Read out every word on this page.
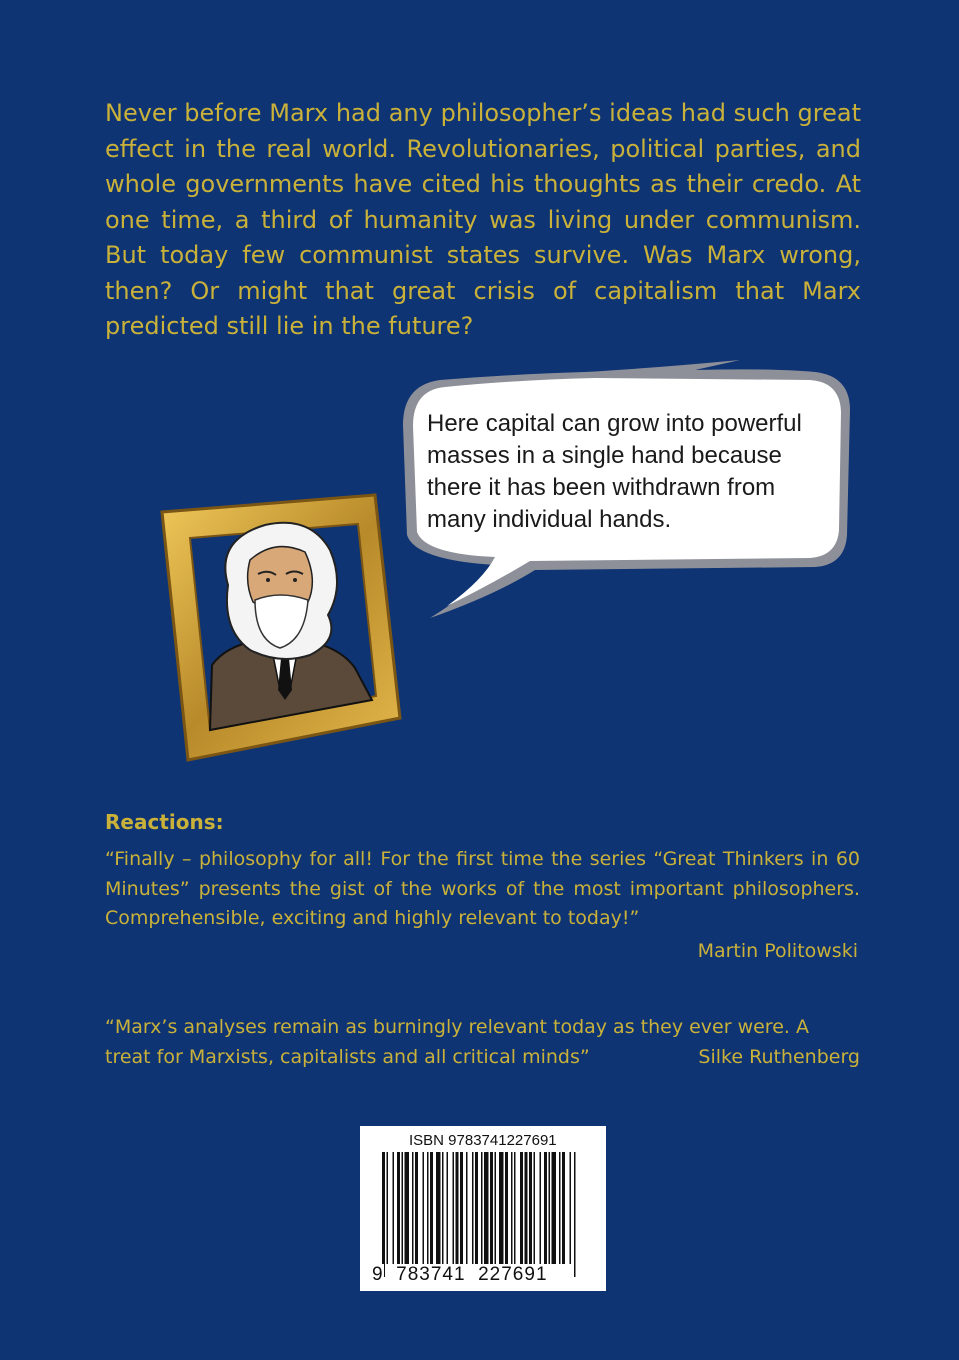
Never before Marx had any philosopher’s ideas had such great effect in the real world. Revolutionaries, political parties, and whole governments have cited his thoughts as their credo. At one time, a third of humanity was living under communism. But today few communist states survive. Was Marx wrong, then? Or might that great crisis of capitalism that Marx predicted still lie in the future?

Here capital can grow into powerful
masses in a single hand because
there it has been withdrawn from
many individual hands.

Reactions:

“Finally – philosophy for all! For the first time the series “Great Thinkers in 60 Minutes” presents the gist of the works of the most important philosophers. Comprehensible, exciting and highly relevant to today!”

Martin Politowski

“Marx’s analyses remain as burningly relevant today as they ever were. A
treat for Marxists, capitalists and all critical minds”	Silke Ruthenberg

ISBN 9783741227691

9 783741 227691
